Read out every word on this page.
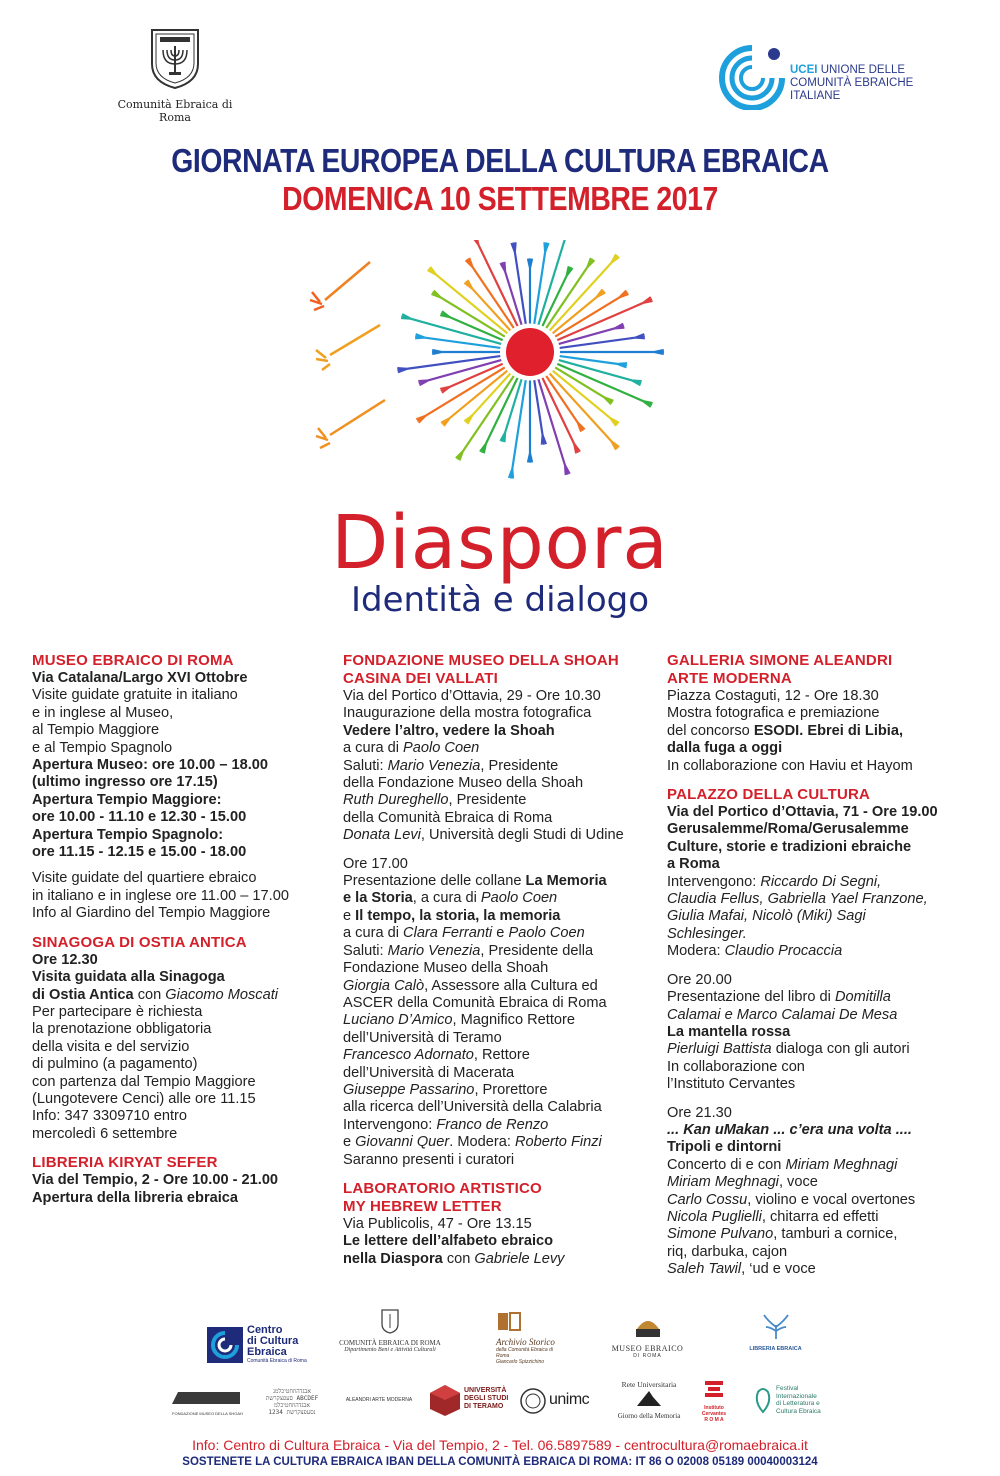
Comunità Ebraica di Roma
UCEI UNIONE DELLE
COMUNITÀ EBRAICHE
ITALIANE
GIORNATA EUROPEA DELLA CULTURA EBRAICA
DOMENICA 10 SETTEMBRE 2017
Diaspora
Identità e dialogo
MUSEO EBRAICO DI ROMA
Via Catalana/Largo XVI Ottobre
Visite guidate gratuite in italiano
e in inglese al Museo,
al Tempio Maggiore
e al Tempio Spagnolo
Apertura Museo: ore 10.00 – 18.00
(ultimo ingresso ore 17.15)
Apertura Tempio Maggiore:
ore 10.00 - 11.10 e 12.30 - 15.00
Apertura Tempio Spagnolo:
ore 11.15 - 12.15 e 15.00 - 18.00
Visite guidate del quartiere ebraico
in italiano e in inglese ore 11.00 – 17.00
Info al Giardino del Tempio Maggiore
SINAGOGA DI OSTIA ANTICA
Ore 12.30
Visita guidata alla Sinagoga
di Ostia Antica con Giacomo Moscati
Per partecipare è richiesta
la prenotazione obbligatoria
della visita e del servizio
di pulmino (a pagamento)
con partenza dal Tempio Maggiore
(Lungotevere Cenci) alle ore 11.15
Info: 347 3309710 entro
mercoledì 6 settembre
LIBRERIA KIRYAT SEFER
Via del Tempio, 2 - Ore 10.00 - 21.00
Apertura della libreria ebraica
FONDAZIONE MUSEO DELLA SHOAH
CASINA DEI VALLATI
Via del Portico d’Ottavia, 29 - Ore 10.30
Inaugurazione della mostra fotografica
Vedere l’altro, vedere la Shoah
a cura di Paolo Coen
Saluti: Mario Venezia, Presidente
della Fondazione Museo della Shoah
Ruth Dureghello, Presidente
della Comunità Ebraica di Roma
Donata Levi, Università degli Studi di Udine
Ore 17.00
Presentazione delle collane La Memoria
e la Storia, a cura di Paolo Coen
e Il tempo, la storia, la memoria
a cura di Clara Ferranti e Paolo Coen
Saluti: Mario Venezia, Presidente della
Fondazione Museo della Shoah
Giorgia Calò, Assessore alla Cultura ed
ASCER della Comunità Ebraica di Roma
Luciano D’Amico, Magnifico Rettore
dell’Università di Teramo
Francesco Adornato, Rettore
dell’Università di Macerata
Giuseppe Passarino, Prorettore
alla ricerca dell’Università della Calabria
Intervengono: Franco de Renzo
e Giovanni Quer. Modera: Roberto Finzi
Saranno presenti i curatori
LABORATORIO ARTISTICO
MY HEBREW LETTER
Via Publicolis, 47 - Ore 13.15
Le lettere dell’alfabeto ebraico
nella Diaspora con Gabriele Levy
GALLERIA SIMONE ALEANDRI
ARTE MODERNA
Piazza Costaguti, 12 - Ore 18.30
Mostra fotografica e premiazione
del concorso ESODI. Ebrei di Libia,
dalla fuga a oggi
In collaborazione con Haviu et Hayom
PALAZZO DELLA CULTURA
Via del Portico d’Ottavia, 71 - Ore 19.00
Gerusalemme/Roma/Gerusalemme
Culture, storie e tradizioni ebraiche
a Roma
Intervengono: Riccardo Di Segni,
Claudia Fellus, Gabriella Yael Franzone,
Giulia Mafai, Nicolò (Miki) Sagi
Schlesinger.
Modera: Claudio Procaccia
Ore 20.00
Presentazione del libro di Domitilla
Calamai e Marco Calamai De Mesa
La mantella rossa
Pierluigi Battista dialoga con gli autori
In collaborazione con
l’Instituto Cervantes
Ore 21.30
... Kan uMakan ... c’era una volta ....
Tripoli e dintorni
Concerto di e con Miriam Meghnagi
Miriam Meghnagi, voce
Carlo Cossu, violino e vocal overtones
Nicola Puglielli, chitarra ed effetti
Simone Pulvano, tamburi a cornice,
riq, darbuka, cajon
Saleh Tawil, ‘ud e voce
Centro
di Cultura
Ebraica
Comunità Ebraica di Roma
COMUNITÀ EBRAICA DI ROMA
Dipartimento Beni e Attività Culturali
Archivio Storico
della Comunità Ebraica di Roma
Giancarlo Spizzichino
MUSEO EBRAICO
DI ROMA
LIBRERIA EBRAICA
FONDAZIONE MUSEO DELLA SHOAH
אבגדהוזחטיכלמנ
סעפצקרשת ABCDEF
אבגדהוזחטיכלמ
נסעפצקרשת 1234
ALEANDRI ARTE MODERNA
UNIVERSITÀ
DEGLI STUDI
DI TERAMO	unimc
Rete Universitaria
Giorno della Memoria
Instituto
Cervantes
R O M A
Festival
Internazionale
di Letteratura e
Cultura Ebraica
Info: Centro di Cultura Ebraica - Via del Tempio, 2 - Tel. 06.5897589 - centrocultura@romaebraica.it
SOSTENETE LA CULTURA EBRAICA IBAN DELLA COMUNITÀ EBRAICA DI ROMA: IT 86 O 02008 05189 00040003124
